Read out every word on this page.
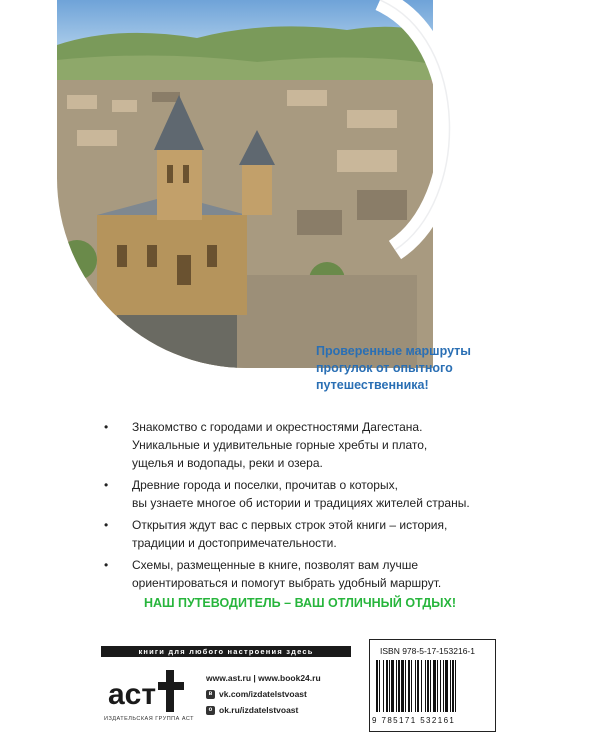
Проверенные маршруты
прогулок от опытного
путешественника!
• Знакомство с городами и окрестностями Дагестана.
Уникальные и удивительные горные хребты и плато,
ущелья и водопады, реки и озера.
• Древние города и поселки, прочитав о которых,
вы узнаете многое об истории и традициях жителей страны.
• Открытия ждут вас с первых строк этой книги – история,
традиции и достопримечательности.
• Схемы, размещенные в книге, позволят вам лучше
ориентироваться и помогут выбрать удобный маршрут.
НАШ ПУТЕВОДИТЕЛЬ – ВАШ ОТЛИЧНЫЙ ОТДЫХ!
книги для любого настроения здесь
аст
ИЗДАТЕЛЬСКАЯ ГРУППА АСТ
www.ast.ru | www.book24.ru
в vk.com/izdatelstvoast
о ok.ru/izdatelstvoast
ISBN 978-5-17-153216-1
9 785171 532161
